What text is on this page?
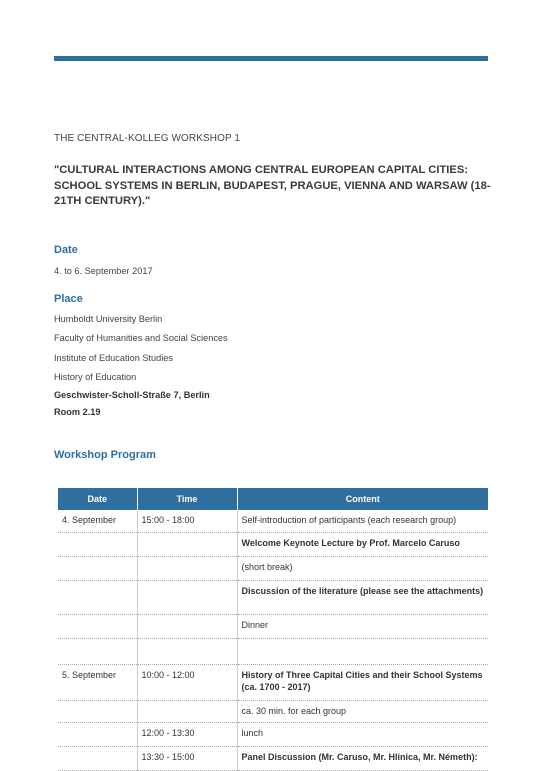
THE CENTRAL-KOLLEG WORKSHOP 1
"CULTURAL INTERACTIONS AMONG CENTRAL EUROPEAN CAPITAL CITIES: SCHOOL SYSTEMS IN BERLIN, BUDAPEST, PRAGUE, VIENNA AND WARSAW (18-21TH CENTURY)."
Date
4. to 6. September 2017
Place
Humboldt University Berlin
Faculty of Humanities and Social Sciences
Institute of Education Studies
History of Education
Geschwister-Scholl-Straße 7, Berlin
Room 2.19
Workshop Program
Date	Time	Content
4. September	15:00 - 18:00	Self-introduction of participants (each research group)
		Welcome Keynote Lecture by Prof. Marcelo Caruso
		(short break)
		Discussion of the literature (please see the attachments)
		Dinner

5. September	10:00 - 12:00	History of Three Capital Cities and their School Systems (ca. 1700 - 2017)
		ca. 30 min. for each group
	12:00 - 13:30	lunch
	13:30 - 15:00	Panel Discussion (Mr. Caruso, Mr. Hlinica, Mr. Németh):
